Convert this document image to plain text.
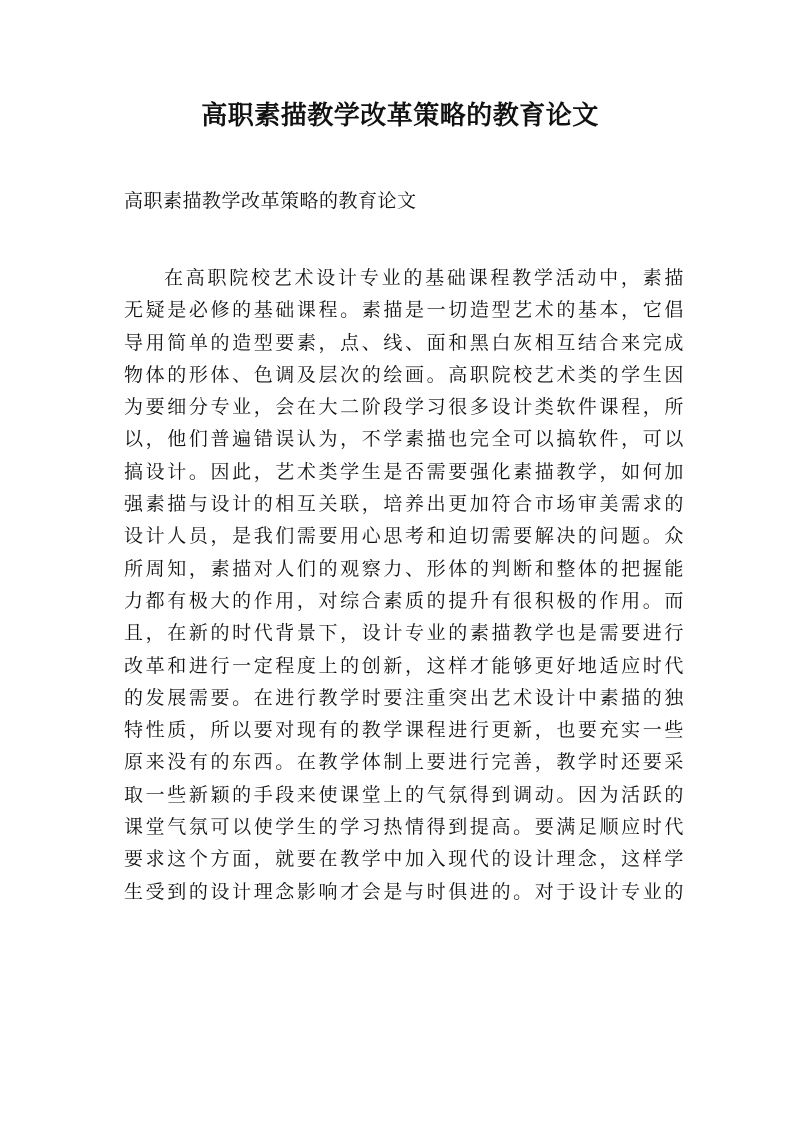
高职素描教学改革策略的教育论文

高职素描教学改革策略的教育论文

在高职院校艺术设计专业的基础课程教学活动中，素描
无疑是必修的基础课程。素描是一切造型艺术的基本，它倡
导用简单的造型要素，点、线、面和黑白灰相互结合来完成
物体的形体、色调及层次的绘画。高职院校艺术类的学生因
为要细分专业，会在大二阶段学习很多设计类软件课程，所
以，他们普遍错误认为，不学素描也完全可以搞软件，可以
搞设计。因此，艺术类学生是否需要强化素描教学，如何加
强素描与设计的相互关联，培养出更加符合市场审美需求的
设计人员，是我们需要用心思考和迫切需要解决的问题。众
所周知，素描对人们的观察力、形体的判断和整体的把握能
力都有极大的作用，对综合素质的提升有很积极的作用。而
且，在新的时代背景下，设计专业的素描教学也是需要进行
改革和进行一定程度上的创新，这样才能够更好地适应时代
的发展需要。在进行教学时要注重突出艺术设计中素描的独
特性质，所以要对现有的教学课程进行更新，也要充实一些
原来没有的东西。在教学体制上要进行完善，教学时还要采
取一些新颖的手段来使课堂上的气氛得到调动。因为活跃的
课堂气氛可以使学生的学习热情得到提高。要满足顺应时代
要求这个方面，就要在教学中加入现代的设计理念，这样学
生受到的设计理念影响才会是与时俱进的。对于设计专业的
